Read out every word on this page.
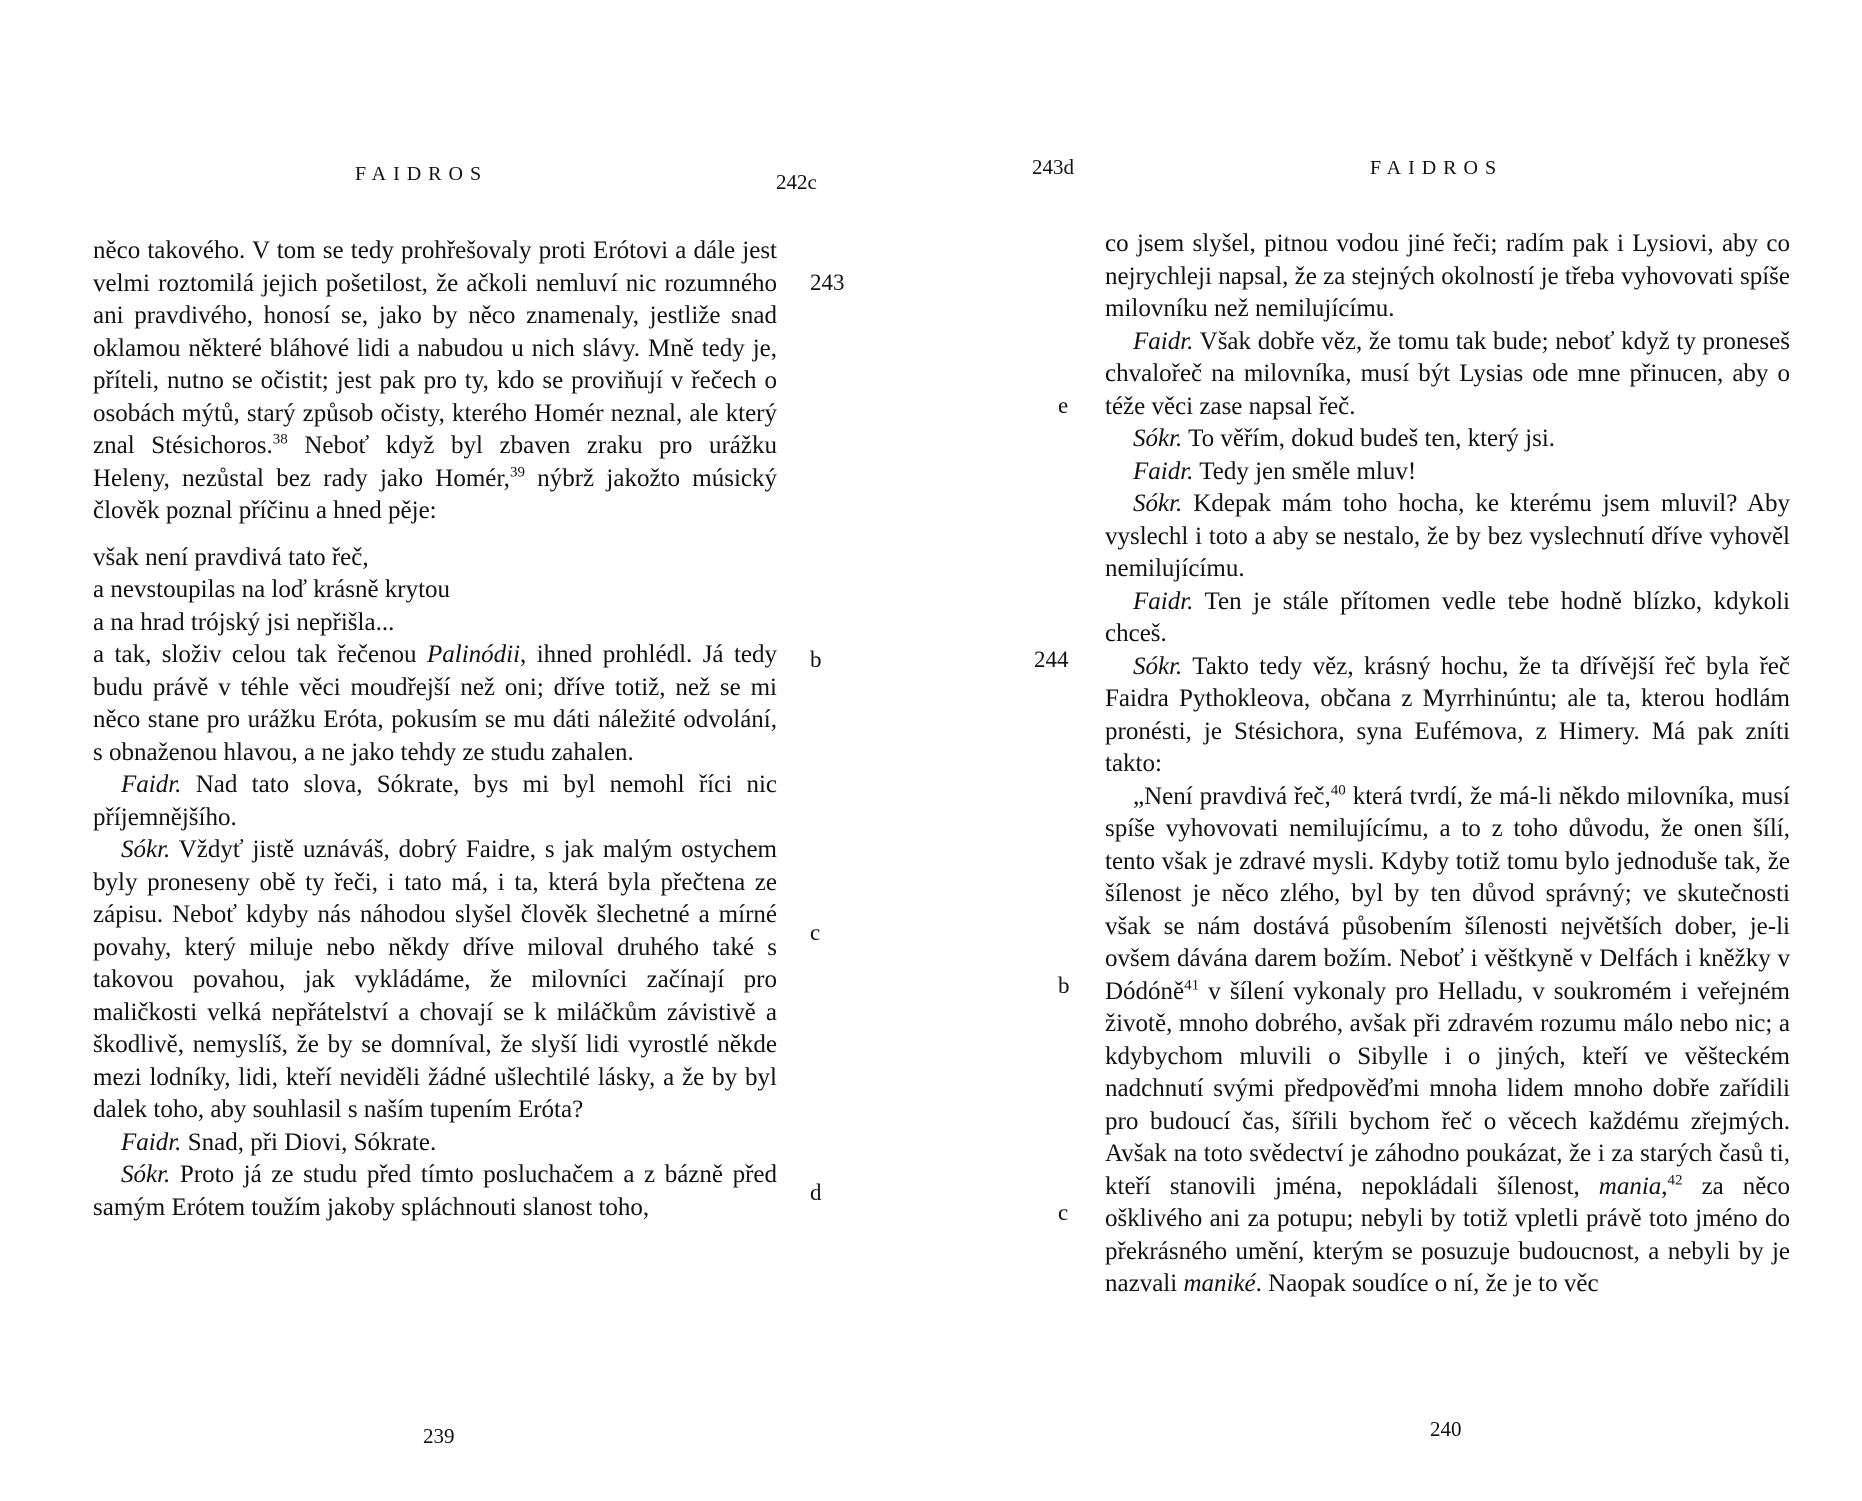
FAIDROS	242c

něco takového. V tom se tedy prohřešovaly proti Erótovi a dále jest velmi roztomilá jejich pošetilost, že ačkoli nemluví nic rozumného ani pravdivého, honosí se, jako by něco znamenaly, jestliže snad oklamou některé bláhové lidi a nabudou u nich slávy. Mně tedy je, příteli, nutno se očistit; jest pak pro ty, kdo se proviňují v řečech o osobách mýtů, starý způsob očisty, kterého Homér neznal, ale který znal Stésichoros.$^{38}$ Neboť když byl zbaven zraku pro urážku Heleny, nezůstal bez rady jako Homér,$^{39}$ nýbrž jakožto músický člověk poznal příčinu a hned pěje:

však není pravdivá tato řeč,
a nevstoupilas na loď krásně krytou
a na hrad trójský jsi nepřišla...

a tak, složiv celou tak řečenou Palinódii, ihned prohlédl. Já tedy budu právě v téhle věci moudřejší než oni; dříve totiž, než se mi něco stane pro urážku Eróta, pokusím se mu dáti náležité odvolání, s obnaženou hlavou, a ne jako tehdy ze studu zahalen.

Faidr. Nad tato slova, Sókrate, bys mi byl nemohl říci nic příjemnějšího.

Sókr. Vždyť jistě uznáváš, dobrý Faidre, s jak malým ostychem byly proneseny obě ty řeči, i tato má, i ta, která byla přečtena ze zápisu. Neboť kdyby nás náhodou slyšel člověk šlechetné a mírné povahy, který miluje nebo někdy dříve miloval druhého také s takovou povahou, jak vykládáme, že milovníci začínají pro maličkosti velká nepřátelství a chovají se k miláčkům závistivě a škodlivě, nemyslíš, že by se domníval, že slyší lidi vyrostlé někde mezi lodníky, lidi, kteří neviděli žádné ušlechtilé lásky, a že by byl dalek toho, aby souhlasil s naším tupením Eróta?

Faidr. Snad, při Diovi, Sókrate.

Sókr. Proto já ze studu před tímto posluchačem a z bázně před samým Erótem toužím jakoby spláchnouti slanost toho,

243
b
c
d
239
243d	FAIDROS

co jsem slyšel, pitnou vodou jiné řeči; radím pak i Lysiovi, aby co nejrychleji napsal, že za stejných okolností je třeba vyhovovati spíše milovníku než nemilujícímu.

Faidr. Však dobře věz, že tomu tak bude; neboť když ty proneseš chvalořeč na milovníka, musí být Lysias ode mne přinucen, aby o téže věci zase napsal řeč.

Sókr. To věřím, dokud budeš ten, který jsi.

Faidr. Tedy jen směle mluv!

Sókr. Kdepak mám toho hocha, ke kterému jsem mluvil? Aby vyslechl i toto a aby se nestalo, že by bez vyslechnutí dříve vyhověl nemilujícímu.

Faidr. Ten je stále přítomen vedle tebe hodně blízko, kdykoli chceš.

Sókr. Takto tedy věz, krásný hochu, že ta dřívější řeč byla řeč Faidra Pythokleova, občana z Myrrhinúntu; ale ta, kterou hodlám pronésti, je Stésichora, syna Eufémova, z Himery. Má pak zníti takto:

„Není pravdivá řeč,$^{40}$ která tvrdí, že má-li někdo milovníka, musí spíše vyhovovati nemilujícímu, a to z toho důvodu, že onen šílí, tento však je zdravé mysli. Kdyby totiž tomu bylo jednoduše tak, že šílenost je něco zlého, byl by ten důvod správný; ve skutečnosti však se nám dostává působením šílenosti největších dober, je-li ovšem dávána darem božím. Neboť i věštkyně v Delfách i kněžky v Dódóně$^{41}$ v šílení vykonaly pro Helladu, v soukromém i veřejném životě, mnoho dobrého, avšak při zdravém rozumu málo nebo nic; a kdybychom mluvili o Sibylle i o jiných, kteří ve věšteckém nadchnutí svými předpověďmi mnoha lidem mnoho dobře zařídili pro budoucí čas, šířili bychom řeč o věcech každému zřejmých. Avšak na toto svědectví je záhodno poukázat, že i za starých časů ti, kteří stanovili jména, nepokládali šílenost, mania,$^{42}$ za něco ošklivého ani za potupu; nebyli by totiž vpletli právě toto jméno do překrásného umění, kterým se posuzuje budoucnost, a nebyli by je nazvali maniké. Naopak soudíce o ní, že je to věc

e
244
b
c
240
